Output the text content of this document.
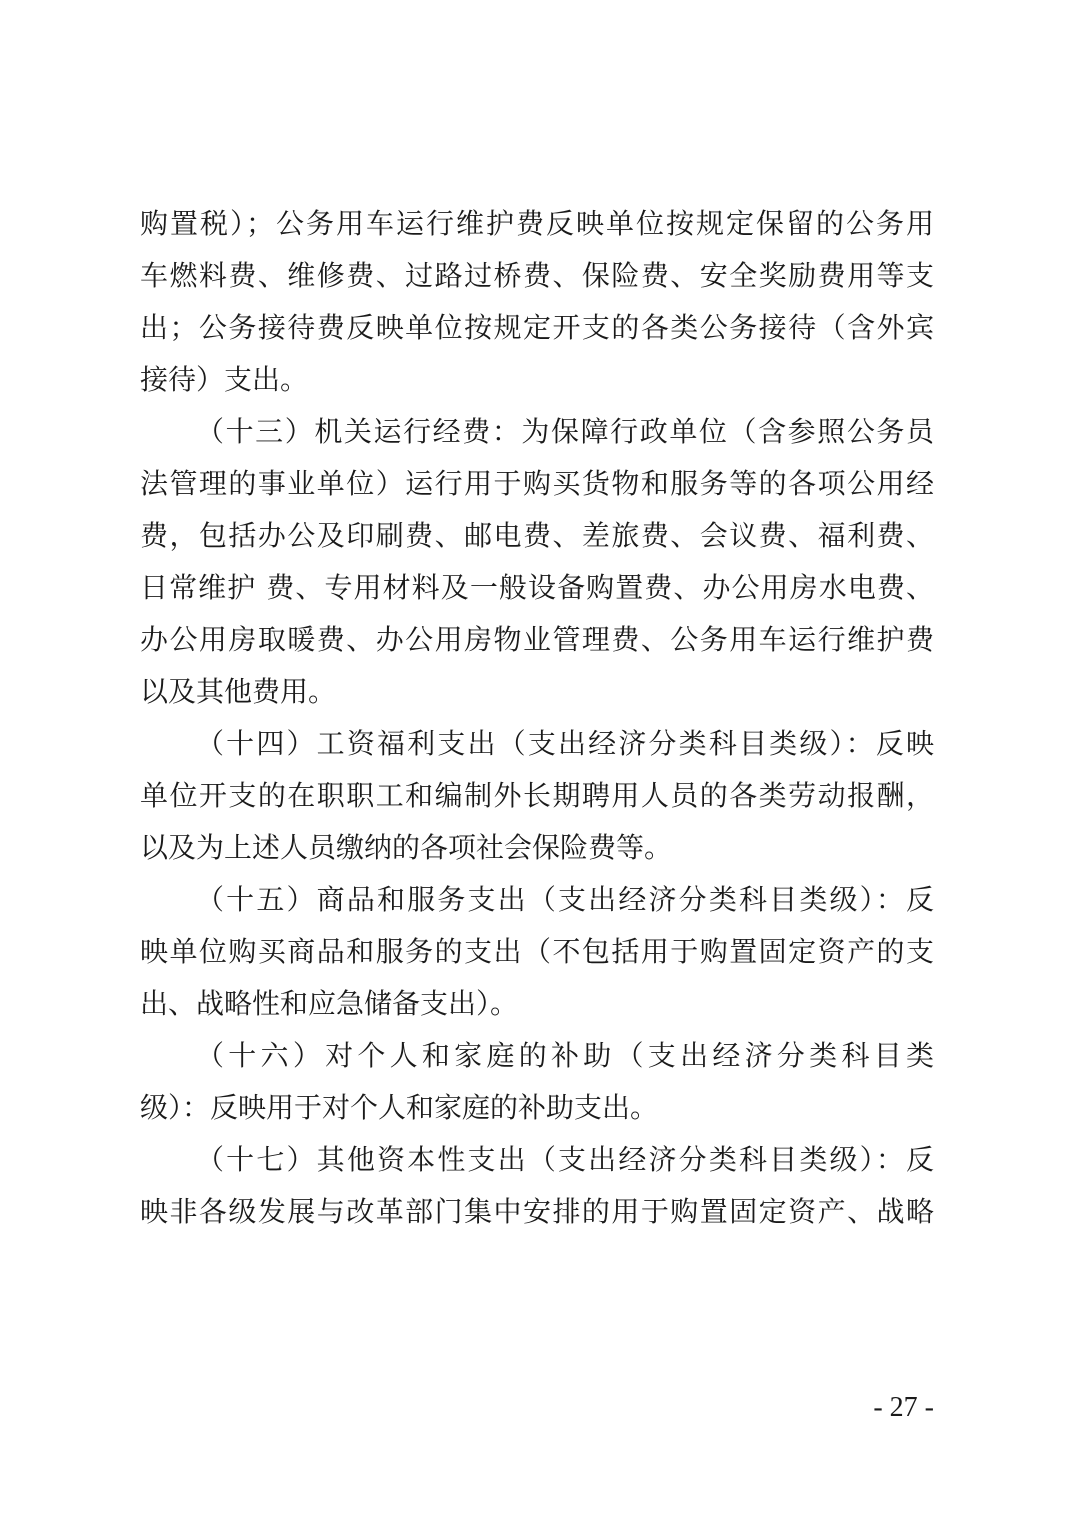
购置税）；公务用车运行维护费反映单位按规定保留的公务用
车燃料费、维修费、过路过桥费、保险费、安全奖励费用等支
出；公务接待费反映单位按规定开支的各类公务接待（含外宾
接待）支出。
（十三）机关运行经费：为保障行政单位（含参照公务员
法管理的事业单位）运行用于购买货物和服务等的各项公用经
费，包括办公及印刷费、邮电费、差旅费、会议费、福利费、
日常维护 费、专用材料及一般设备购置费、办公用房水电费、
办公用房取暖费、办公用房物业管理费、公务用车运行维护费
以及其他费用。
（十四）工资福利支出（支出经济分类科目类级）：反映
单位开支的在职职工和编制外长期聘用人员的各类劳动报酬，
以及为上述人员缴纳的各项社会保险费等。
（十五）商品和服务支出（支出经济分类科目类级）：反
映单位购买商品和服务的支出（不包括用于购置固定资产的支
出、战略性和应急储备支出）。
（十六）对个人和家庭的补助（支出经济分类科目类
级）：反映用于对个人和家庭的补助支出。
（十七）其他资本性支出（支出经济分类科目类级）：反
映非各级发展与改革部门集中安排的用于购置固定资产、战略
- 27 -
